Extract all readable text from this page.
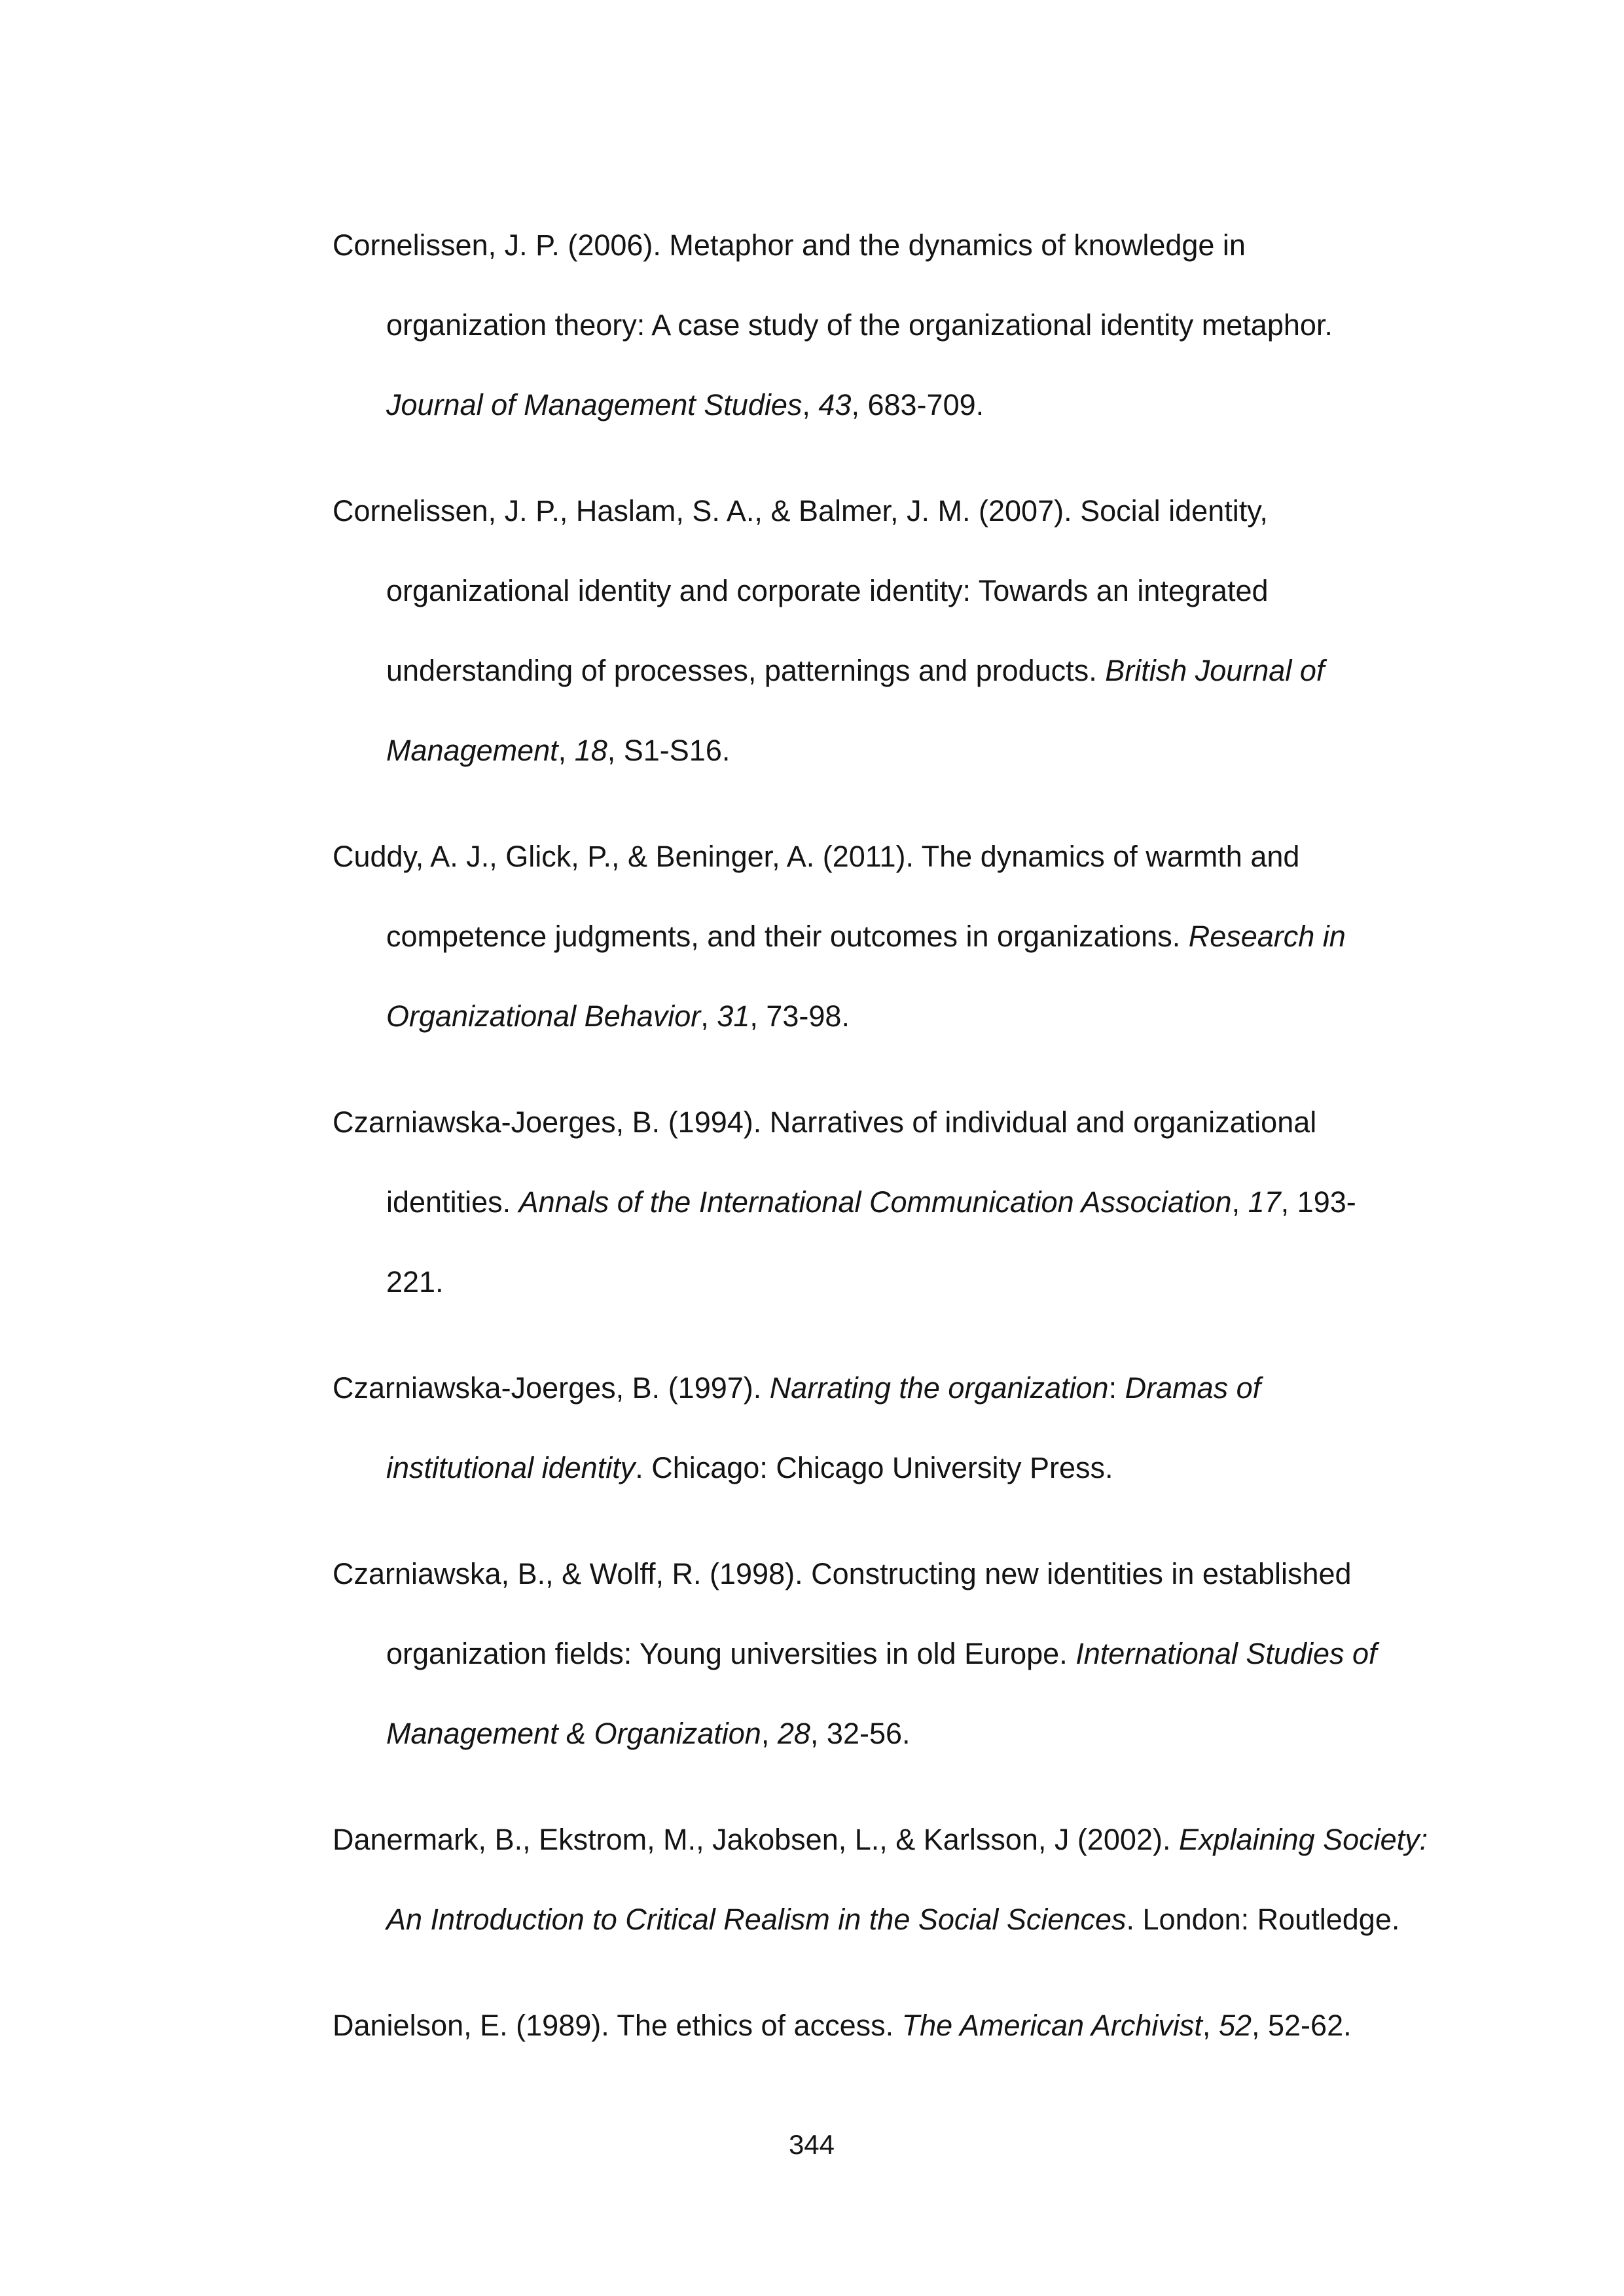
Cornelissen, J. P. (2006). Metaphor and the dynamics of knowledge in
organization theory: A case study of the organizational identity metaphor.
Journal of Management Studies, 43, 683-709.
Cornelissen, J. P., Haslam, S. A., & Balmer, J. M. (2007). Social identity,
organizational identity and corporate identity: Towards an integrated
understanding of processes, patternings and products. British Journal of
Management, 18, S1-S16.
Cuddy, A. J., Glick, P., & Beninger, A. (2011). The dynamics of warmth and
competence judgments, and their outcomes in organizations. Research in
Organizational Behavior, 31, 73-98.
Czarniawska-Joerges, B. (1994). Narratives of individual and organizational
identities. Annals of the International Communication Association, 17, 193-
221.
Czarniawska-Joerges, B. (1997). Narrating the organization: Dramas of
institutional identity. Chicago: Chicago University Press.
Czarniawska, B., & Wolff, R. (1998). Constructing new identities in established
organization fields: Young universities in old Europe. International Studies of
Management & Organization, 28, 32-56.
Danermark, B., Ekstrom, M., Jakobsen, L., & Karlsson, J (2002). Explaining Society:
An Introduction to Critical Realism in the Social Sciences. London: Routledge.
Danielson, E. (1989). The ethics of access. The American Archivist, 52, 52-62.
344
